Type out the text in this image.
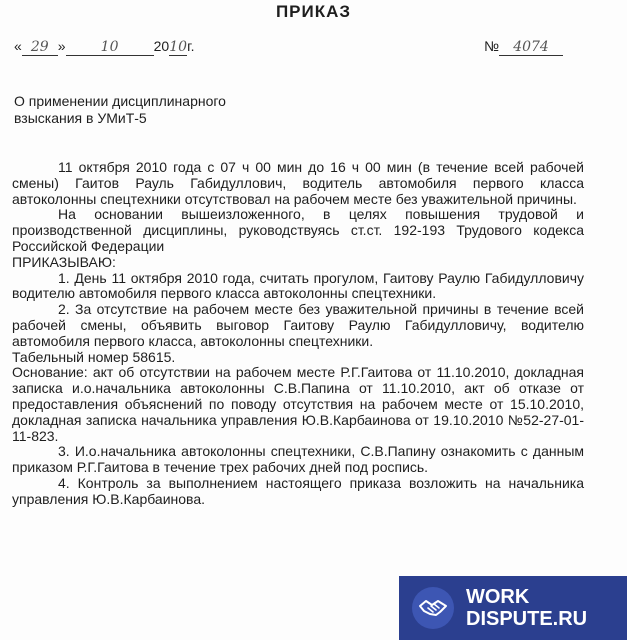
ПРИКАЗ
« 29 »	10	2010г.	№ 4074
О применении дисциплинарного
взыскания в УМиТ-5

11 октября 2010 года с 07 ч 00 мин до 16 ч 00 мин (в течение всей рабочей смены) Гаитов Рауль Габидуллович, водитель автомобиля первого класса автоколонны спецтехники отсутствовал на рабочем месте без уважительной причины.

На основании вышеизложенного, в целях повышения трудовой и производственной дисциплины, руководствуясь ст.ст. 192-193 Трудового кодекса Российской Федерации

ПРИКАЗЫВАЮ:

1. День 11 октября 2010 года, считать прогулом, Гаитову Раулю Габидулловичу водителю автомобиля первого класса автоколонны спецтехники.

2. За отсутствие на рабочем месте без уважительной причины в течение всей рабочей смены, объявить выговор Гаитову Раулю Габидулловичу, водителю автомобиля первого класса, автоколонны спецтехники.

Табельный номер 58615.

Основание: акт об отсутствии на рабочем месте Р.Г.Гаитова от 11.10.2010, докладная записка и.о.начальника автоколонны С.В.Папина от 11.10.2010, акт об отказе от предоставления объяснений по поводу отсутствия на рабочем месте от 15.10.2010, докладная записка начальника управления Ю.В.Карбаинова от 19.10.2010 №52-27-01-11-823.

3. И.о.начальника автоколонны спецтехники, С.В.Папину ознакомить с данным приказом Р.Г.Гаитова в течение трех рабочих дней под роспись.

4. Контроль за выполнением настоящего приказа возложить на начальника управления Ю.В.Карбаинова.

WORK
DISPUTE.RU
